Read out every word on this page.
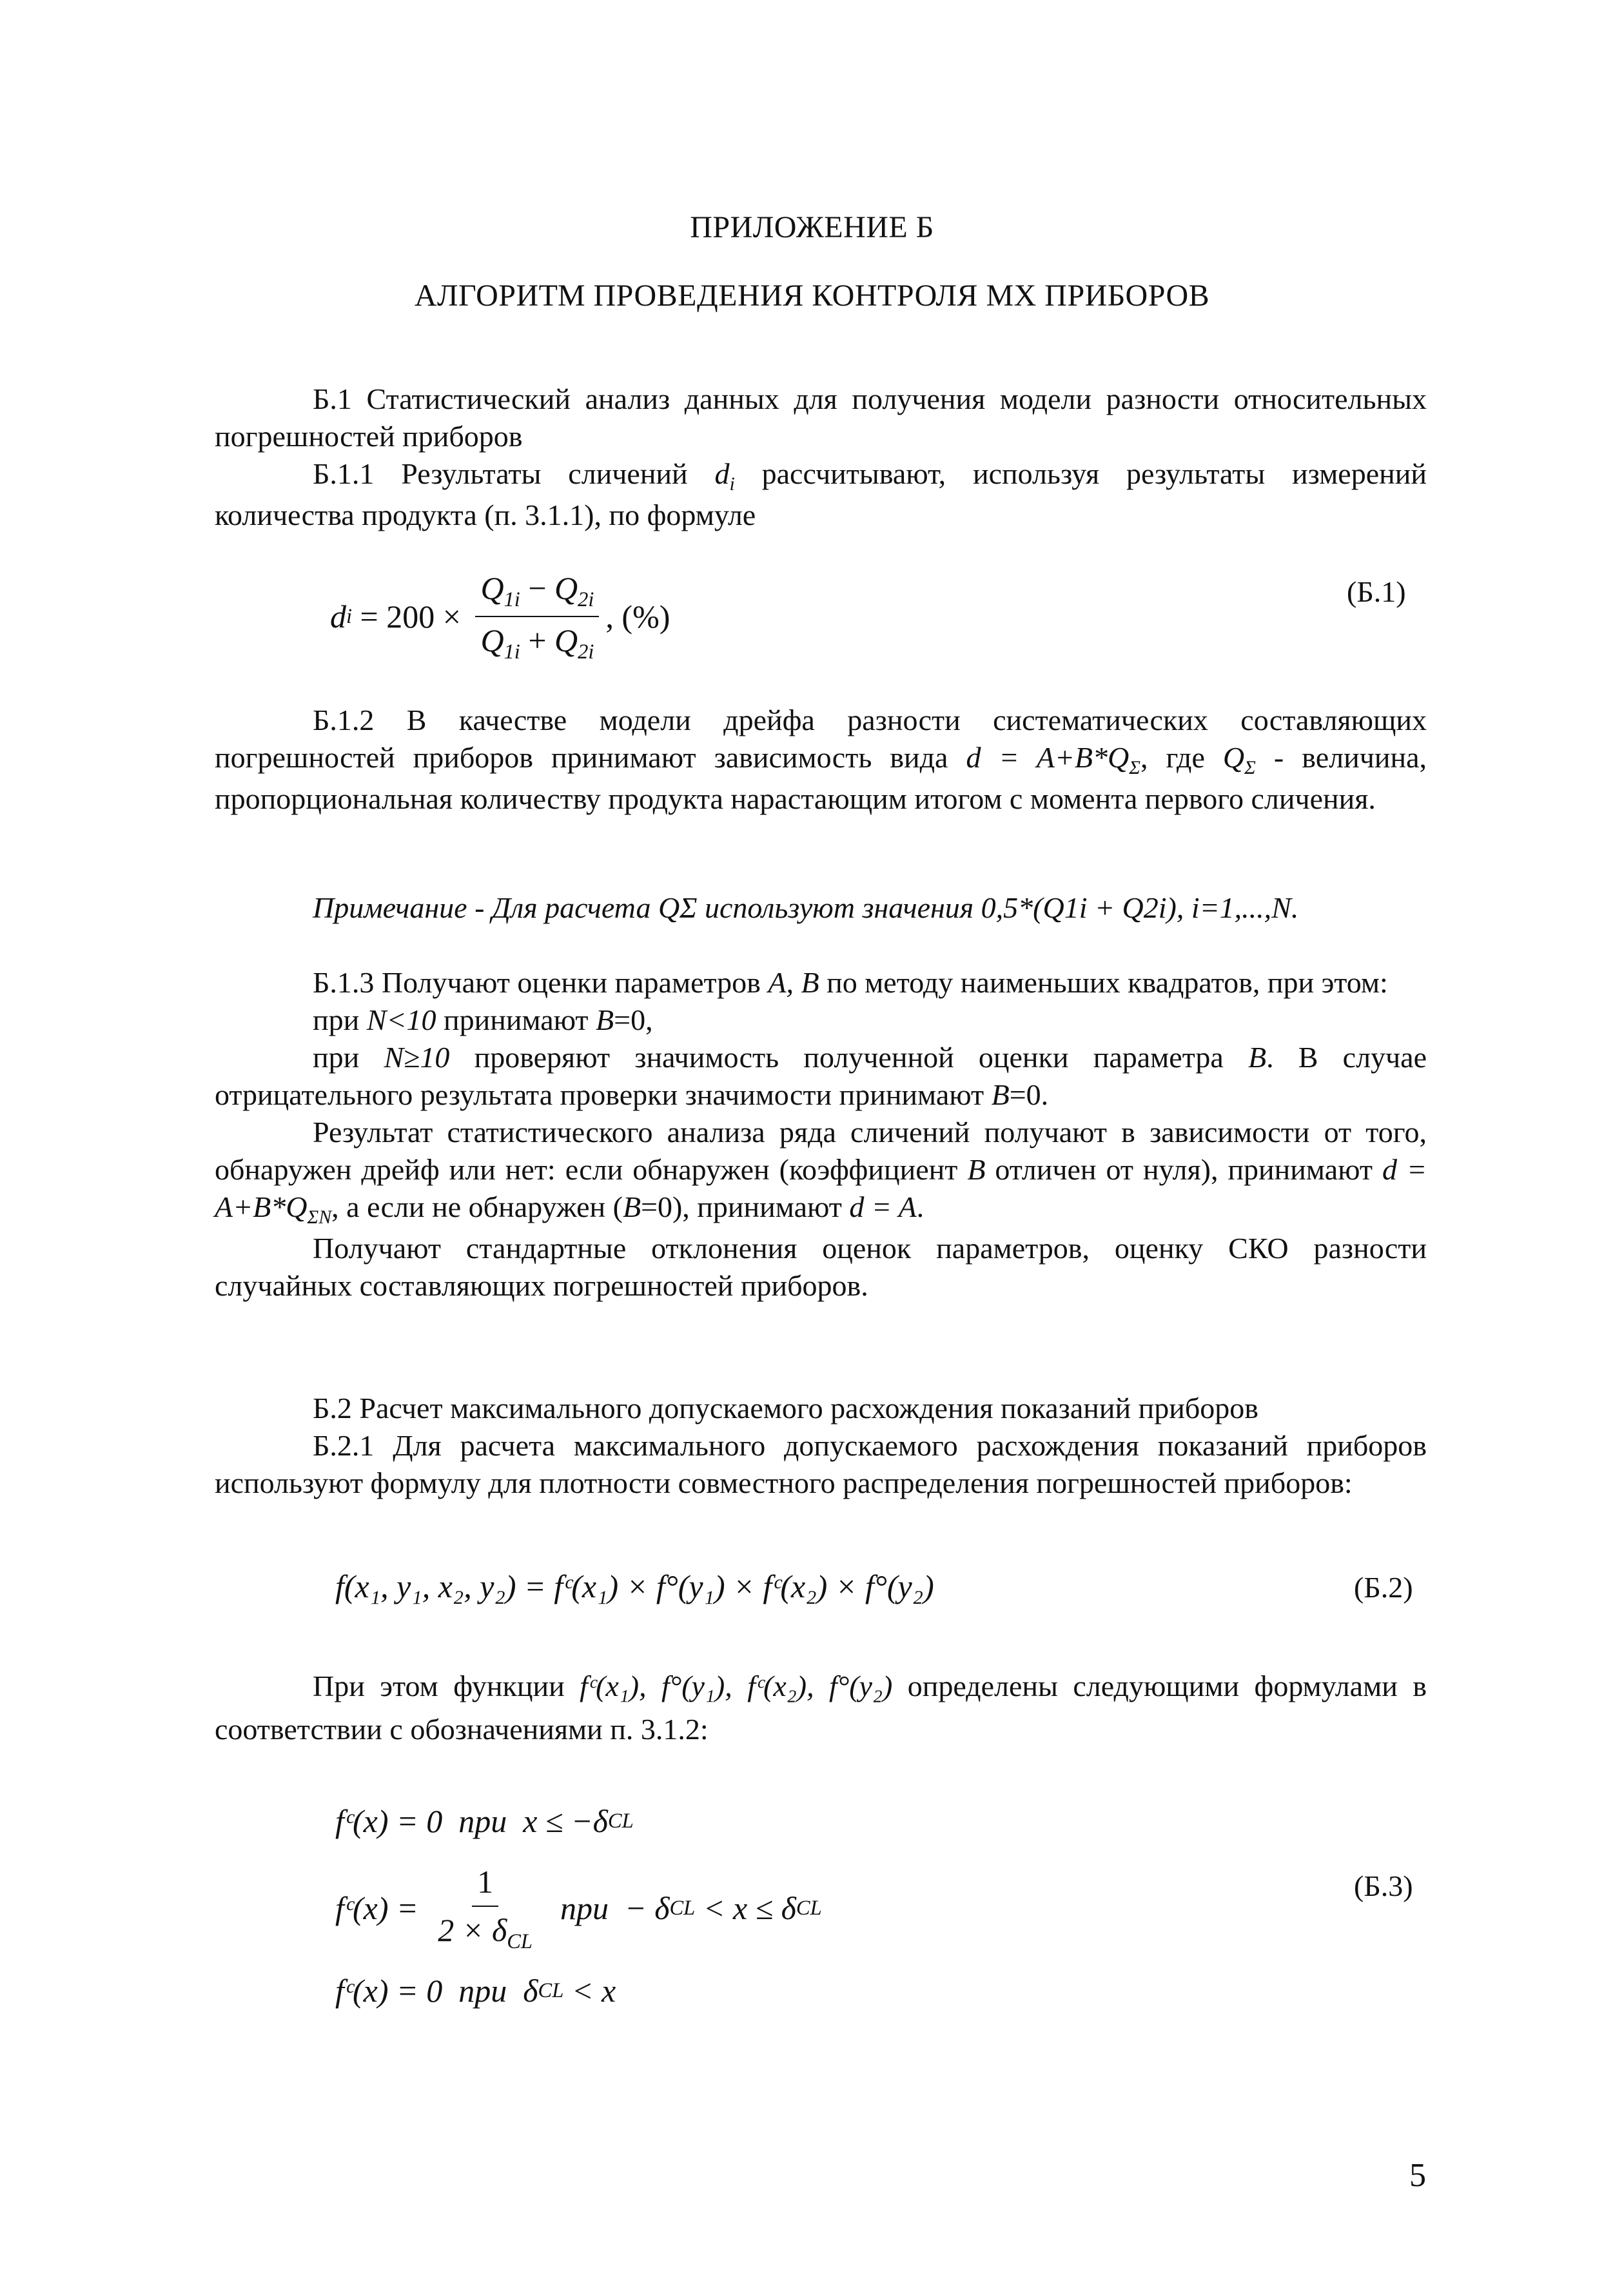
ПРИЛОЖЕНИЕ Б
АЛГОРИТМ ПРОВЕДЕНИЯ КОНТРОЛЯ МХ ПРИБОРОВ

Б.1 Статистический анализ данных для получения модели разности относительных погрешностей приборов

Б.1.1 Результаты сличений $d_i$ рассчитывают, используя результаты измерений количества продукта (п. 3.1.1), по формуле

d $i = 200 \times \frac{Q_{1i} - Q_{2i}}{Q_{1i} + Q_{2i}}$ , (%)
(Б.1)

Б.1.2 В качестве модели дрейфа разности систематических составляющих погрешностей приборов принимают зависимость вида $d = A+B*Q_\Sigma$, где $Q_\Sigma$ - величина, пропорциональная количеству продукта нарастающим итогом с момента первого сличения.

Примечание - Для расчета QΣ используют значения 0,5*(Q1i + Q2i), i=1,...,N.

Б.1.3 Получают оценки параметров A, B по методу наименьших квадратов, при этом:

при N<10 принимают B=0,

при N≥10 проверяют значимость полученной оценки параметра B. В случае отрицательного результата проверки значимости принимают B=0.

Результат статистического анализа ряда сличений получают в зависимости от того, обнаружен дрейф или нет: если обнаружен (коэффициент B отличен от нуля), принимают $d = A+B*Q_{\Sigma N}$, а если не обнаружен (B=0), принимают d = A.

Получают стандартные отклонения оценок параметров, оценку СКО разности случайных составляющих погрешностей приборов.

Б.2 Расчет максимального допускаемого расхождения показаний приборов

Б.2.1 Для расчета максимального допускаемого расхождения показаний приборов используют формулу для плотности совместного распределения погрешностей приборов:

f(x₁, y₁, x₂, y₂) = fᶜ(x₁) × f°(y₁) × fᶜ(x₂) × f°(y₂)	(Б.2)

При этом функции fᶜ(x₁), f°(y₁), fᶜ(x₂), f°(y₂) определены следующими формулами в соответствии с обозначениями п. 3.1.2:

fᶜ(x) = 0  при  x ≤ −δ CL
fᶜ(x) = $\frac{1}{2 \times \delta_{CL}}$ при  − δ CL < x ≤ δ CL
(Б.3)
fᶜ(x) = 0  при  δ CL < x
5
